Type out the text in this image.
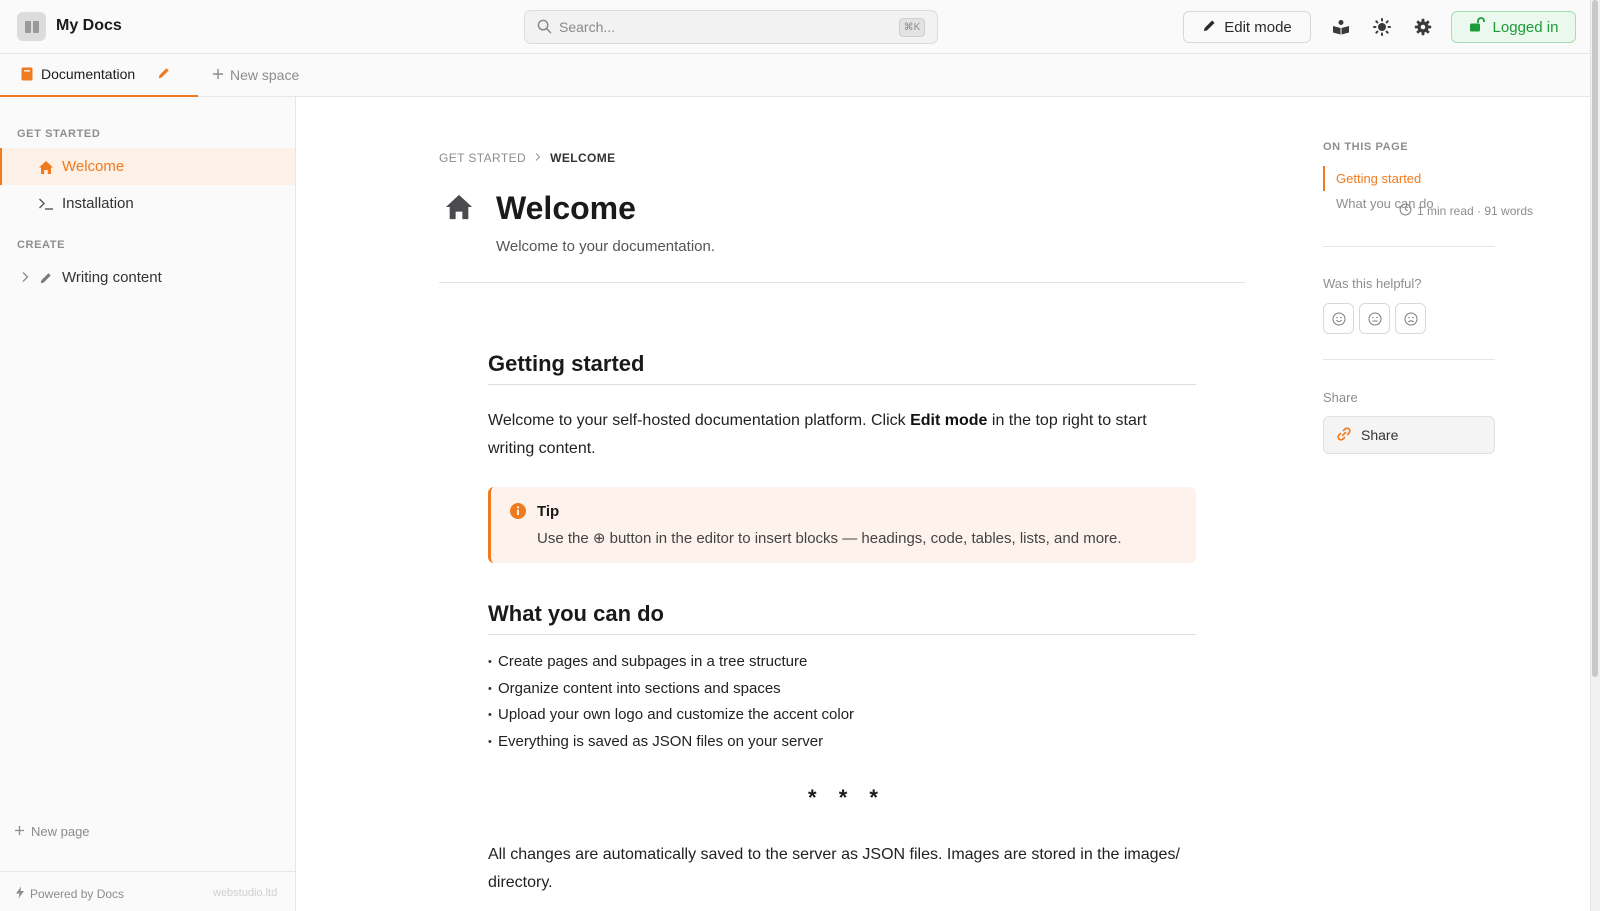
My Docs	Search...	⌘K	Edit mode	Logged in
Documentation	New space
GET STARTED
Welcome
Installation
CREATE
Writing content
New page
Powered by Docs	webstudio.ltd
GET STARTED WELCOME
Welcome	1 min read · 91 words
Welcome to your documentation.
Getting started

Welcome to your self-hosted documentation platform. Click Edit mode in the top right to start writing content.

Tip
Use the ⊕ button in the editor to insert blocks — headings, code, tables, lists, and more.
What you can do
• Create pages and subpages in a tree structure
• Organize content into sections and spaces
• Upload your own logo and customize the accent color
• Everything is saved as JSON files on your server
* * *

All changes are automatically saved to the server as JSON files. Images are stored in the images/ directory.

ON THIS PAGE
Getting started
What you can do
Was this helpful?
Share
Share
